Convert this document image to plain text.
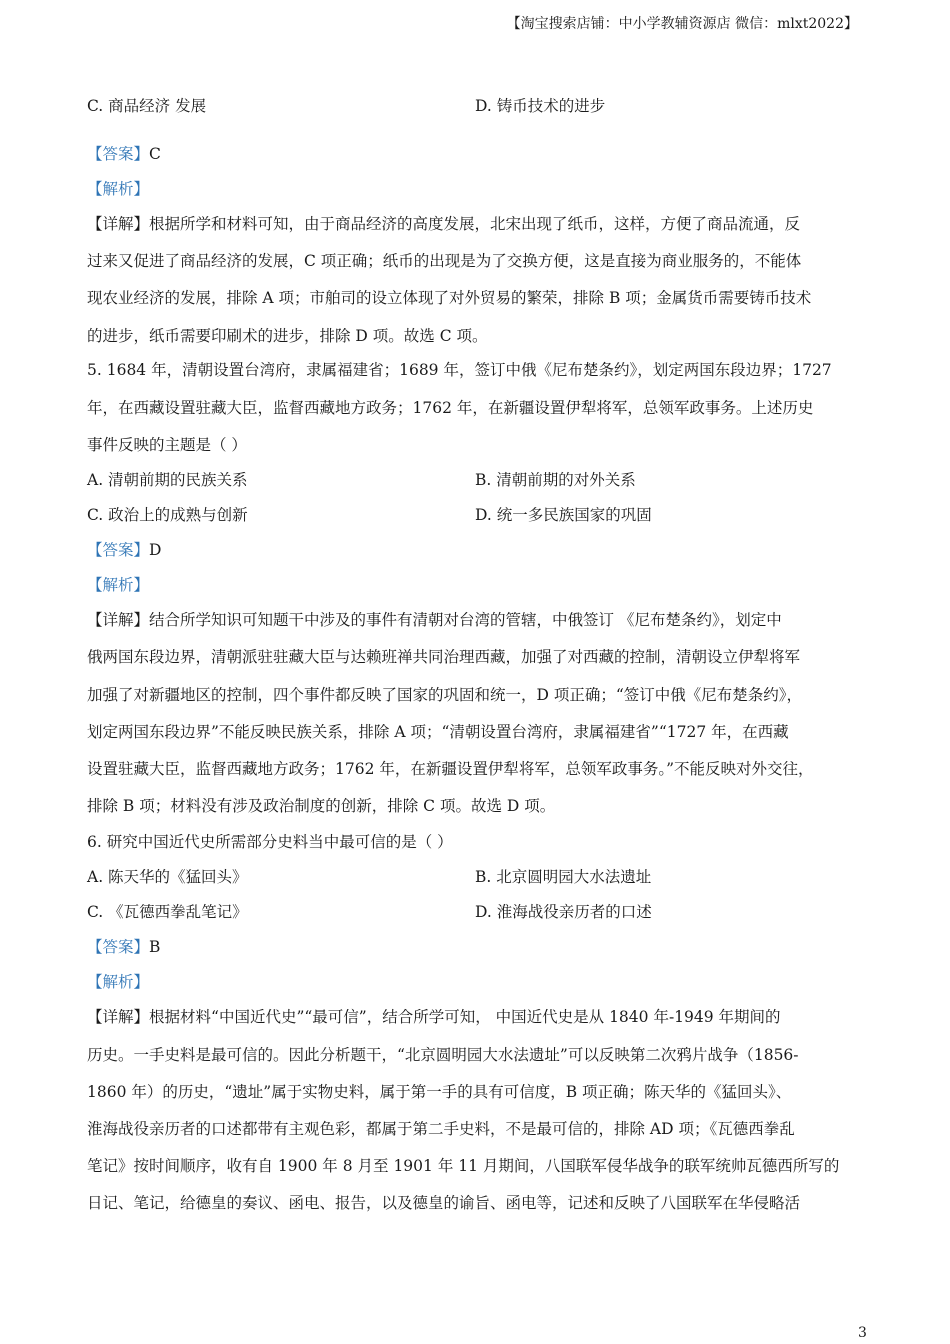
【淘宝搜索店铺：中小学教辅资源店 微信：mlxt2022】
C. 商品经济 发展	D. 铸币技术的进步
【答案】C
【解析】
【详解】根据所学和材料可知，由于商品经济的高度发展，北宋出现了纸币，这样，方便了商品流通，反
过来又促进了商品经济的发展，C 项正确；纸币的出现是为了交换方便，这是直接为商业服务的，不能体
现农业经济的发展，排除 A 项；市舶司的设立体现了对外贸易的繁荣，排除 B 项；金属货币需要铸币技术
的进步，纸币需要印刷术的进步，排除 D 项。故选 C 项。
5. 1684 年，清朝设置台湾府，隶属福建省；1689 年，签订中俄《尼布楚条约》，划定两国东段边界；1727
年，在西藏设置驻藏大臣，监督西藏地方政务；1762 年，在新疆设置伊犁将军，总领军政事务。上述历史
事件反映的主题是（ ）
A. 清朝前期的民族关系	B. 清朝前期的对外关系
C. 政治上的成熟与创新	D. 统一多民族国家的巩固
【答案】D
【解析】
【详解】结合所学知识可知题干中涉及的事件有清朝对台湾的管辖，中俄签订 《尼布楚条约》，划定中
俄两国东段边界，清朝派驻驻藏大臣与达赖班禅共同治理西藏，加强了对西藏的控制，清朝设立伊犁将军
加强了对新疆地区的控制，四个事件都反映了国家的巩固和统一，D 项正确；“签订中俄《尼布楚条约》，
划定两国东段边界”不能反映民族关系，排除 A 项；“清朝设置台湾府，隶属福建省”“1727 年，在西藏
设置驻藏大臣，监督西藏地方政务；1762 年，在新疆设置伊犁将军，总领军政事务。”不能反映对外交往，
排除 B 项；材料没有涉及政治制度的创新，排除 C 项。故选 D 项。
6. 研究中国近代史所需部分史料当中最可信的是（ ）
A. 陈天华的《猛回头》	B. 北京圆明园大水法遗址
C. 《瓦德西拳乱笔记》	D. 淮海战役亲历者的口述
【答案】B
【解析】
【详解】根据材料“中国近代史”“最可信”，结合所学可知， 中国近代史是从 1840 年-1949 年期间的
历史。一手史料是最可信的。因此分析题干，“北京圆明园大水法遗址”可以反映第二次鸦片战争（1856-
1860 年）的历史，“遗址”属于实物史料，属于第一手的具有可信度，B 项正确；陈天华的《猛回头》、
淮海战役亲历者的口述都带有主观色彩，都属于第二手史料，不是最可信的，排除 AD 项；《瓦德西拳乱
笔记》按时间顺序，收有自 1900 年 8 月至 1901 年 11 月期间，八国联军侵华战争的联军统帅瓦德西所写的
日记、笔记，给德皇的奏议、函电、报告，以及德皇的谕旨、函电等，记述和反映了八国联军在华侵略活
3
